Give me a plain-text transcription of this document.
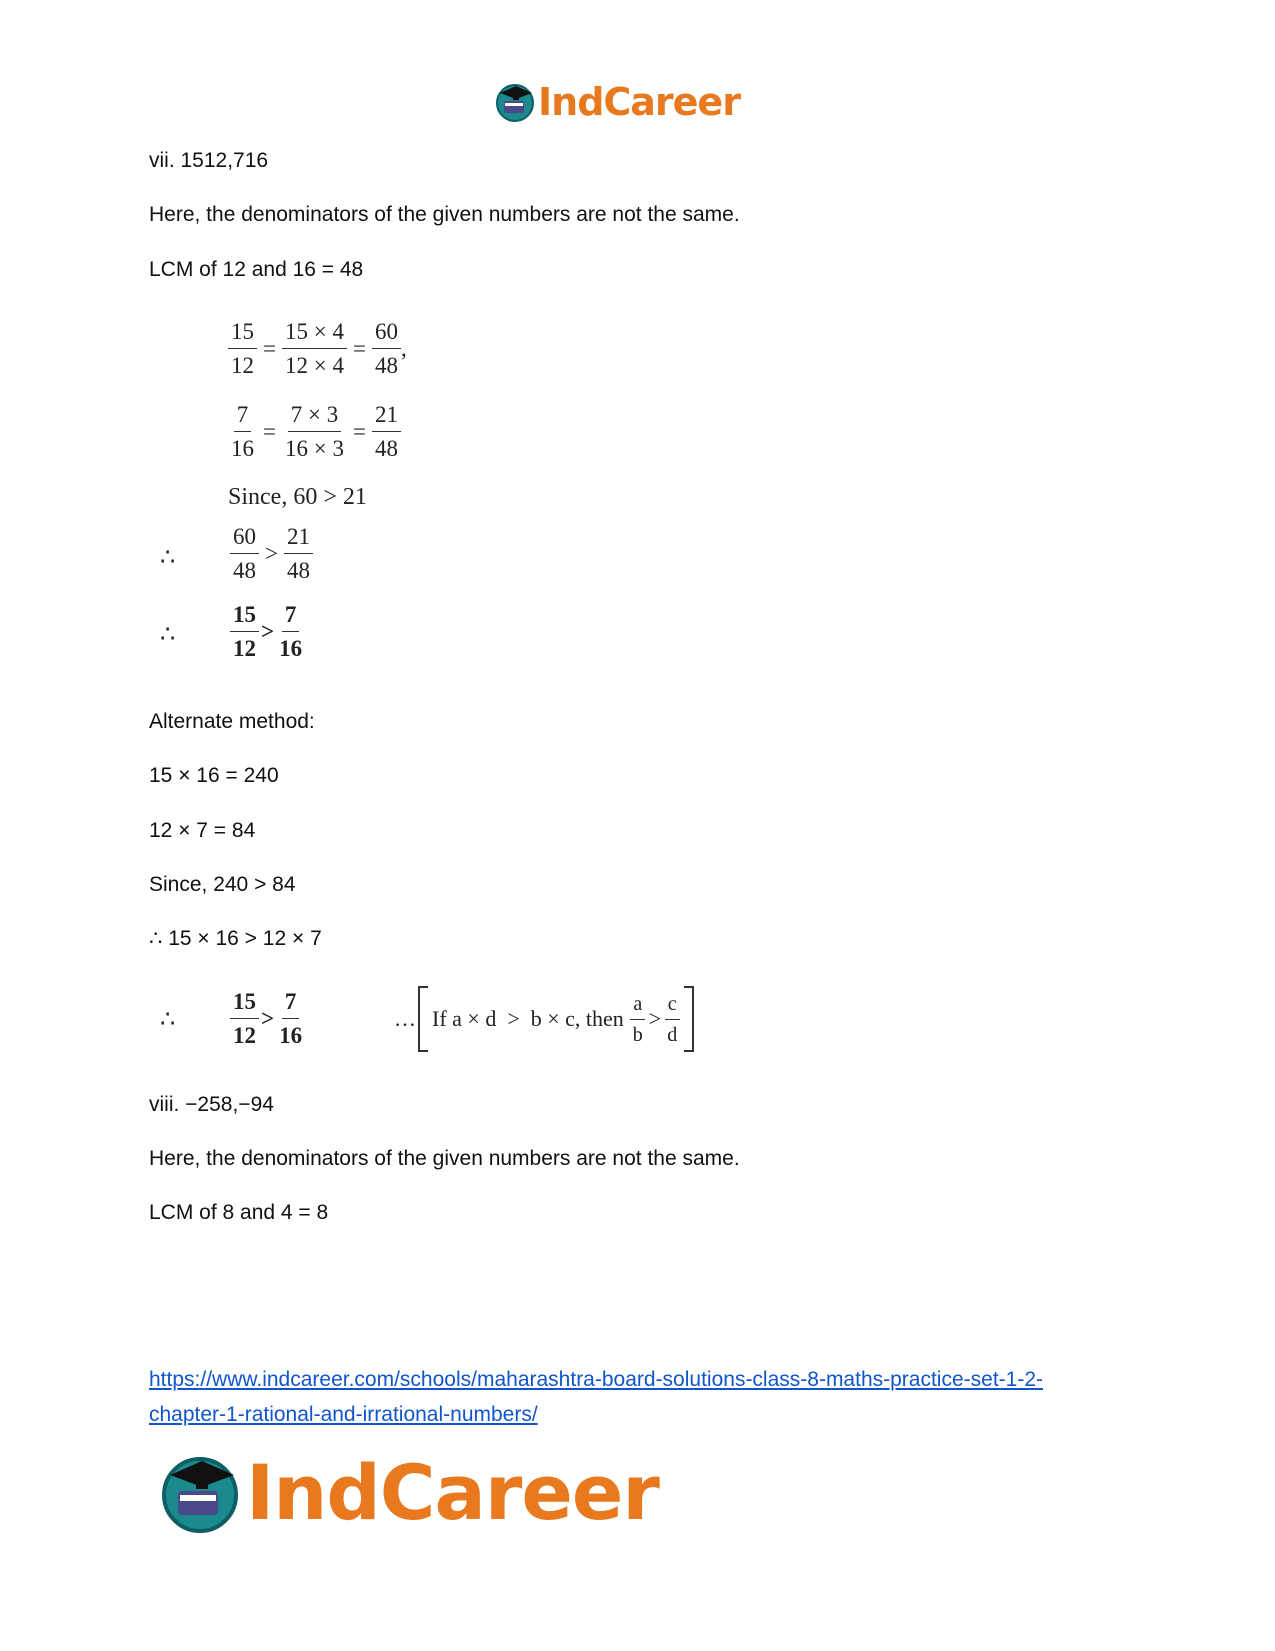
IndCareer
vii. 1512,716
Here, the denominators of the given numbers are not the same.
LCM of 12 and 16 = 48
$\frac{15}{12} = \frac{15 \times 4}{12 \times 4} = \frac{60}{48}$ ,
$\frac{7}{16} = \frac{7 \times 3}{16 \times 3} = \frac{21}{48}$
Since, 60 > 21
∴ $\frac{60}{48} > \frac{21}{48}$
∴ $\frac{15}{12} > \frac{7}{16}$
Alternate method:
15 × 16 = 240
12 × 7 = 84
Since, 240 > 84
∴ 15 × 16 > 12 × 7
∴ $\frac{15}{12} > \frac{7}{16}$	… If a × d  >  b × c, then $\frac{a}{b} > \frac{c}{d}$
viii. −258,−94
Here, the denominators of the given numbers are not the same.
LCM of 8 and 4 = 8
https://www.indcareer.com/schools/maharashtra-board-solutions-class-8-maths-practice-set-1-2-
chapter-1-rational-and-irrational-numbers/
IndCareer
